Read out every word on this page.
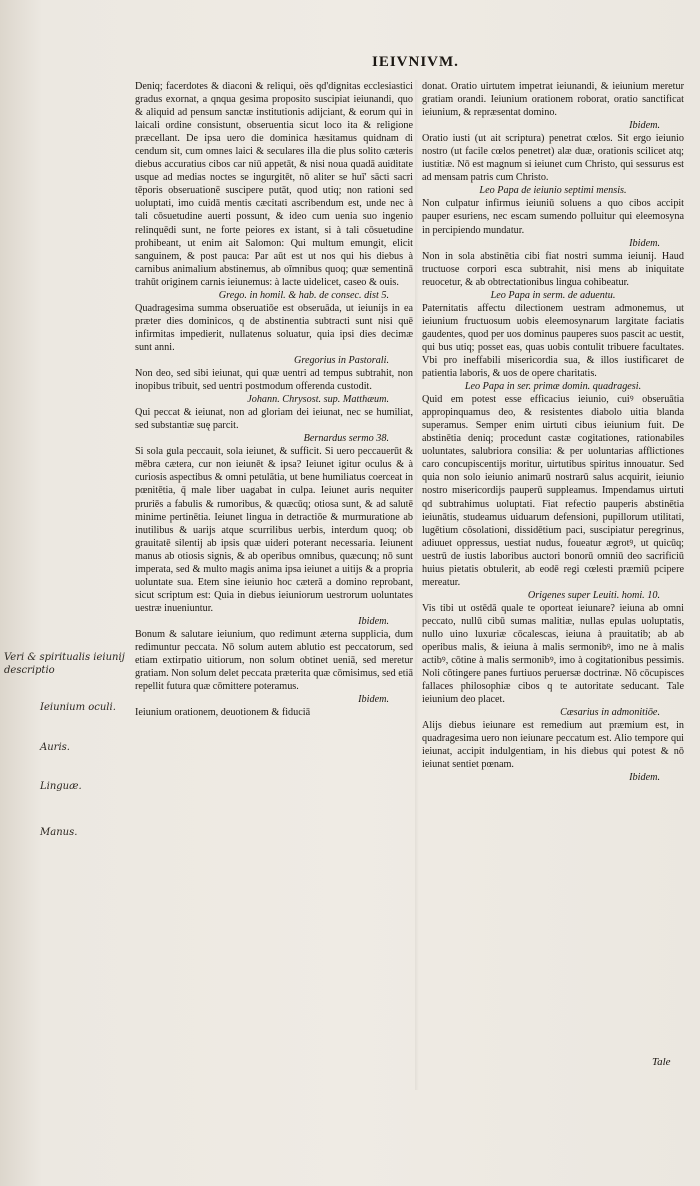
IEIVNIVM.

Deniq; facerdotes & diaconi & reliqui, oës qd'dignitas ecclesiastici gradus exornat, a qnqua gesima proposito suscipiat ieiunandi, quo & aliquid ad pensum sanctæ institutionis adijciant, & eorum qui in laicali ordine consistunt, obseruentia sicut loco ita & religione præcellant. De ipsa uero die dominica hæsitamus quidnam di cendum sit, cum omnes laici & seculares illa die plus solito cæteris diebus accuratius cibos car niū appetāt, & nisi noua quadā auiditate usque ad medias noctes se ingurgitēt, nō aliter se huī' sācti sacri tēporis obseruationē suscipere putāt, quod utiq; non rationi sed uoluptati, imo cuidā mentis cæcitati ascribendum est, unde nec à tali cōsuetudine auerti possunt, & ideo cum uenia suo ingenio relinquēdi sunt, ne forte peiores ex istant, si à tali cōsuetudine prohibeant, ut enim ait Salomon: Qui multum emungit, elicit sanguinem, & post pauca: Par aūt est ut nos qui his diebus à carnibus animalium abstinemus, ab oīmnibus quoq; quæ sementinā trahūt originem carnis ieiunemus: à lacte uidelicet, caseo & ouis.

Grego. in homil. & hab. de consec. dist 5.

Quadragesima summa obseruatiōe est obseruāda, ut ieiunijs in ea præter dies dominicos, q de abstinentia subtracti sunt nisi quē infirmitas impedierit, nullatenus soluatur, quia ipsi dies decimæ sunt anni.

Gregorius in Pastorali.

Non deo, sed sibi ieiunat, qui quæ uentri ad tempus subtrahit, non inopibus tribuit, sed uentri postmodum offerenda custodit.

Johann. Chrysost. sup. Matthæum.

Qui peccat & ieiunat, non ad gloriam dei ieiunat, nec se humiliat, sed substantiæ suę parcit.

Bernardus sermo 38.

Si sola gula peccauit, sola ieiunet, & sufficit. Si uero peccauerūt & mēbra cætera, cur non ieiunēt & ipsa? Ieiunet igitur oculus & à curiosis aspectibus & omni petulātia, ut bene humiliatus coerceat in pœnitētia, q̄ male liber uagabat in culpa. Ieiunet auris nequiter pruriēs a fabulis & rumoribus, & quæcūq; otiosa sunt, & ad salutē minime pertinētia. Ieiunet lingua in detractiōe & murmuratione ab inutilibus & uarijs atque scurrilibus uerbis, interdum quoq; ob grauitatē silentij ab ipsis quæ uideri poterant necessaria. Ieiunent manus ab otiosis signis, & ab operibus omnibus, quæcunq; nō sunt imperata, sed & multo magis anima ipsa ieiunet a uitijs & a propria uoluntate sua. Etem sine ieiunio hoc cæterā a domino reprobant, sicut scriptum est: Quia in diebus ieiuniorum uestrorum uoluntates uestræ inueniuntur.

Ibidem.

Bonum & salutare ieiunium, quo redimunt æterna supplicia, dum redimuntur peccata. Nō solum autem ablutio est peccatorum, sed etiam extirpatio uitiorum, non solum obtinet ueniā, sed meretur gratiam. Non solum delet peccata præterita quæ cōmisimus, sed etiā repellit futura quæ cōmittere poteramus.

Ibidem.

Ieiunium orationem, deuotionem & fiduciā

donat. Oratio uirtutem impetrat ieiunandi, & ieiunium meretur gratiam orandi. Ieiunium orationem roborat, oratio sanctificat ieiunium, & repræsentat domino.

Ibidem.

Oratio iusti (ut ait scriptura) penetrat cœlos. Sit ergo ieiunio nostro (ut facile cœlos penetret) alæ duæ, orationis scilicet atq; iustitiæ. Nō est magnum si ieiunet cum Christo, qui sessurus est ad mensam patris cum Christo.

Leo Papa de ieiunio septimi mensis.

Non culpatur infirmus ieiuniū soluens a quo cibos accipit pauper esuriens, nec escam sumendo polluitur qui eleemosyna in percipiendo mundatur.

Ibidem.

Non in sola abstinētia cibi fiat nostri summa ieiunij. Haud tructuose corpori esca subtrahit, nisi mens ab iniquitate reuocetur, & ab obtrectationibus lingua cohibeatur.

Leo Papa in serm. de aduentu.

Paternitatis affectu dilectionem uestram admonemus, ut ieiunium fructuosum uobis eleemosynarum largitate faciatis gaudentes, quod per uos dominus pauperes suos pascit ac uestit, qui bus utiq; posset eas, quas uobis contulit tribuere facultates. Vbi pro ineffabili misericordia sua, & illos iustificaret de patientia laboris, & uos de opere charitatis.

Leo Papa in ser. primæ domin. quadragesi.

Quid em potest esse efficacius ieiunio, cuiꝰ obseruātia appropinquamus deo, & resistentes diabolo uitia blanda superamus. Semper enim uirtuti cibus ieiunium fuit. De abstinētia deniq; procedunt castæ cogitationes, rationabiles uoluntates, salubriora consilia: & per uoluntarias afflictiones caro concupiscentijs moritur, uirtutibus spiritus innouatur. Sed quia non solo ieiunio animarū nostrarū salus acquirit, ieiunio nostro misericordijs pauperū suppleamus. Impendamus uirtuti qd subtrahimus uoluptati. Fiat refectio pauperis abstinētia ieiunātis, studeamus uiduarum defensioni, pupillorum utilitati, lugētium cōsolationi, dissidētium paci, suscipiatur peregrinus, adiuuet oppressus, uestiat nudus, foueatur ægrotꝰ, ut quicūq; uestrū de iustis laboribus auctori bonorū omniū deo sacrificiū huius pietatis obtulerit, ab eodē regi cœlesti præmiū pcipere mereatur.

Origenes super Leuiti. homi. 10.

Vis tibi ut ostēdā quale te oporteat ieiunare? ieiuna ab omni peccato, nullū cibū sumas malitiæ, nullas epulas uoluptatis, nullo uino luxuriæ cōcalescas, ieiuna à prauitatib; ab ab operibus malis, & ieiuna à malis sermonibꝰ, imo ne à malis actibꝰ, cōtine à malis sermonibꝰ, imo à cogitationibus pessimis. Noli cōtingere panes furtiuos peruersæ doctrinæ. Nō cōcupisces fallaces philosophiæ cibos q te autoritate seducant. Tale ieiunium deo placet.

Cæsarius in admonitiōe.

Alijs diebus ieiunare est remedium aut præmium est, in quadragesima uero non ieiunare peccatum est. Alio tempore qui ieiunat, accipit indulgentiam, in his diebus qui potest & nō ieiunat sentiet pœnam.

Ibidem.

Veri & spiritualis ieiunij descriptio
Ieiunium oculi.
Auris.
Linguæ.
Manus.
Tale
